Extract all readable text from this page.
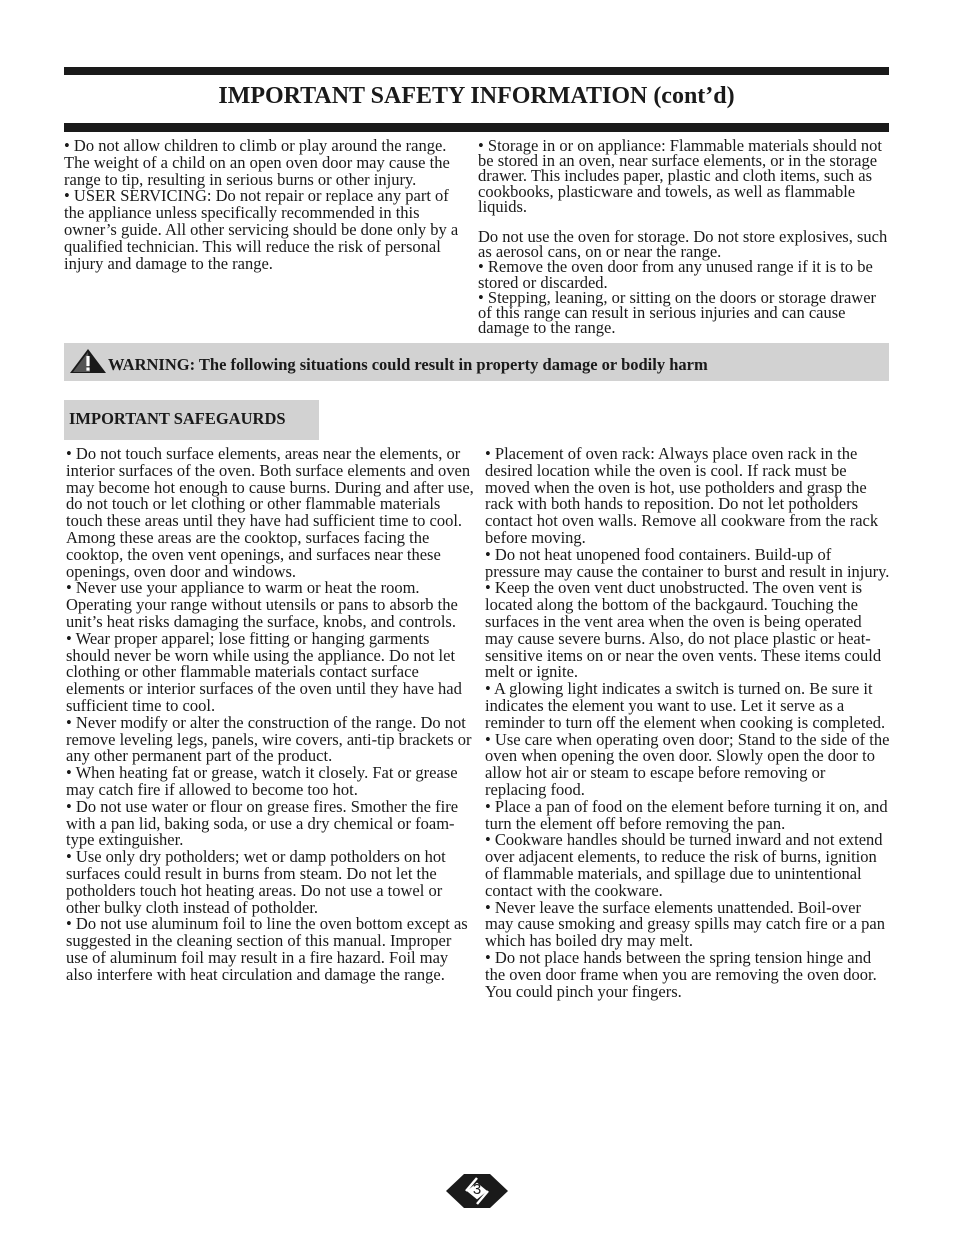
IMPORTANT SAFETY INFORMATION (cont’d)

• Do not allow children to climb or play around the range. The weight of a child on an open oven door may cause the range to tip, resulting in serious burns or other injury.

• USER SERVICING: Do not repair or replace any part of the appliance unless specifically recommended in this owner’s guide. All other servicing should be done only by a qualified technician. This will reduce the risk of personal injury and damage to the range.

• Storage in or on appliance: Flammable materials should not be stored in an oven, near surface elements, or in the storage drawer. This includes paper, plastic and cloth items, such as cookbooks, plasticware and towels, as well as flammable liquids.

Do not use the oven for storage. Do not store explosives, such as aerosol cans, on or near the range.

• Remove the oven door from any unused range if it is to be stored or discarded.

• Stepping, leaning, or sitting on the doors or storage drawer of this range can result in serious injuries and can cause damage to the range.

WARNING: The following situations could result in property damage or bodily harm
IMPORTANT SAFEGAURDS

• Do not touch surface elements, areas near the elements, or interior surfaces of the oven. Both surface elements and oven may become hot enough to cause burns. During and after use, do not touch or let clothing or other flammable materials touch these areas until they have had sufficient time to cool. Among these areas are the cooktop, surfaces facing the cooktop, the oven vent openings, and surfaces near these openings, oven door and windows.

• Never use your appliance to warm or heat the room. Operating your range without utensils or pans to absorb the unit’s heat risks damaging the surface, knobs, and controls.

• Wear proper apparel; lose fitting or hanging garments should never be worn while using the appliance. Do not let clothing or other flammable materials contact surface elements or interior surfaces of the oven until they have had sufficient time to cool.

• Never modify or alter the construction of the range. Do not remove leveling legs, panels, wire covers, anti-tip brackets or any other permanent part of the product.

• When heating fat or grease, watch it closely. Fat or grease may catch fire if allowed to become too hot.

• Do not use water or flour on grease fires. Smother the fire with a pan lid, baking soda, or use a dry chemical or foam-type extinguisher.

• Use only dry potholders; wet or damp potholders on hot surfaces could result in burns from steam. Do not let the potholders touch hot heating areas. Do not use a towel or other bulky cloth instead of potholder.

• Do not use aluminum foil to line the oven bottom except as suggested in the cleaning section of this manual. Improper use of aluminum foil may result in a fire hazard. Foil may also interfere with heat circulation and damage the range.

• Placement of oven rack: Always place oven rack in the desired location while the oven is cool. If rack must be moved when the oven is hot, use potholders and grasp the rack with both hands to reposition. Do not let potholders contact hot oven walls. Remove all cookware from the rack before moving.

• Do not heat unopened food containers. Build-up of pressure may cause the container to burst and result in injury.

• Keep the oven vent duct unobstructed. The oven vent is located along the bottom of the backgaurd. Touching the surfaces in the vent area when the oven is being operated may cause severe burns. Also, do not place plastic or heat-sensitive items on or near the oven vents. These items could melt or ignite.

• A glowing light indicates a switch is turned on. Be sure it indicates the element you want to use. Let it serve as a reminder to turn off the element when cooking is completed.

• Use care when operating oven door; Stand to the side of the oven when opening the oven door. Slowly open the door to allow hot air or steam to escape before removing or replacing food.

• Place a pan of food on the element before turning it on, and turn the element off before removing the pan.

• Cookware handles should be turned inward and not extend over adjacent elements, to reduce the risk of burns, ignition of flammable materials, and spillage due to unintentional contact with the cookware.

• Never leave the surface elements unattended. Boil-over may cause smoking and greasy spills may catch fire or a pan which has boiled dry may melt.

• Do not place hands between the spring tension hinge and the oven door frame when you are removing the oven door. You could pinch your fingers.

3
